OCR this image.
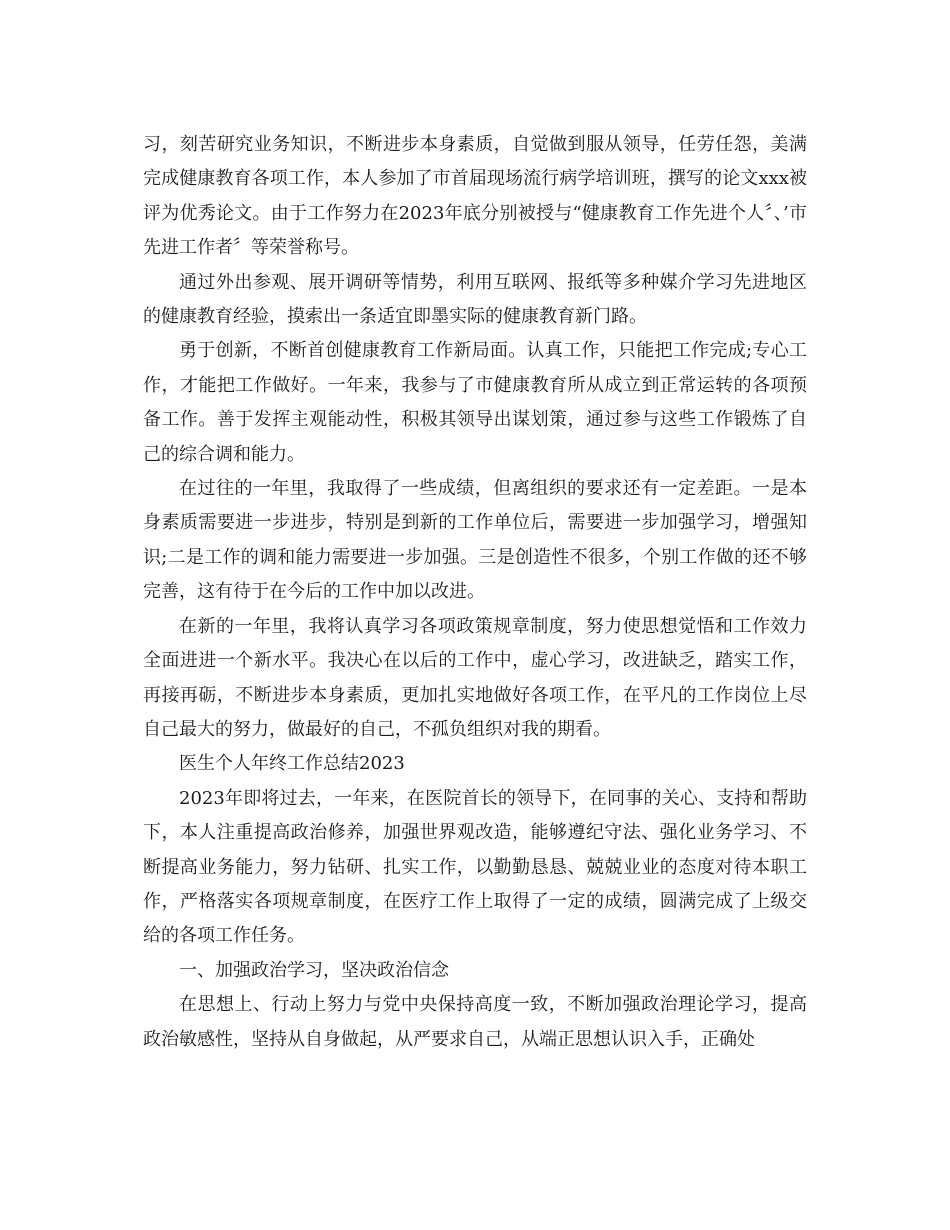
习，刻苦研究业务知识，不断进步本身素质，自觉做到服从领导，任劳任怨，美满完成健康教育各项工作，本人参加了市首届现场流行病学培训班，撰写的论文xxx被评为优秀论文。由于工作努力在2023年底分别被授与“健康教育工作先进个人〞、’市先进工作者〞等荣誉称号。

通过外出参观、展开调研等情势，利用互联网、报纸等多种媒介学习先进地区的健康教育经验，摸索出一条适宜即墨实际的健康教育新门路。

勇于创新，不断首创健康教育工作新局面。认真工作，只能把工作完成;专心工作，才能把工作做好。一年来，我参与了市健康教育所从成立到正常运转的各项预备工作。善于发挥主观能动性，积极其领导出谋划策，通过参与这些工作锻炼了自己的综合调和能力。

在过往的一年里，我取得了一些成绩，但离组织的要求还有一定差距。一是本身素质需要进一步进步，特别是到新的工作单位后，需要进一步加强学习，增强知识;二是工作的调和能力需要进一步加强。三是创造性不很多，个别工作做的还不够完善，这有待于在今后的工作中加以改进。

在新的一年里，我将认真学习各项政策规章制度，努力使思想觉悟和工作效力全面进进一个新水平。我决心在以后的工作中，虚心学习，改进缺乏，踏实工作，再接再砺，不断进步本身素质，更加扎实地做好各项工作，在平凡的工作岗位上尽自己最大的努力，做最好的自己，不孤负组织对我的期看。

医生个人年终工作总结2023

2023年即将过去，一年来，在医院首长的领导下，在同事的关心、支持和帮助下，本人注重提高政治修养，加强世界观改造，能够遵纪守法、强化业务学习、不断提高业务能力，努力钻研、扎实工作，以勤勤恳恳、兢兢业业的态度对待本职工作，严格落实各项规章制度，在医疗工作上取得了一定的成绩，圆满完成了上级交给的各项工作任务。

一、加强政治学习，坚决政治信念

在思想上、行动上努力与党中央保持高度一致，不断加强政治理论学习，提高政治敏感性，坚持从自身做起，从严要求自己，从端正思想认识入手，正确处
